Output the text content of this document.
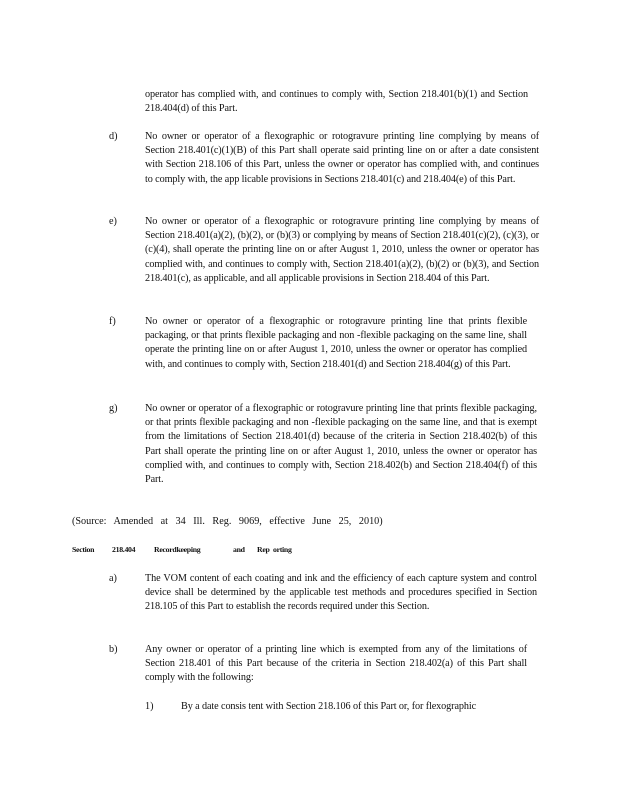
operator has complied with, and continues to comply with, Section 218.401(b)(1) and Section 218.404(d) of this Part.
d)	No owner or operator of a flexographic or rotogravure printing line complying by means of Section 218.401(c)(1)(B) of this Part shall operate said printing line on or after a date consistent with Section 218.106 of this Part, unless the owner or operator has complied with, and continues to comply with, the app licable provisions in Sections 218.401(c) and 218.404(e) of this Part.
e)	No owner or operator of a flexographic or rotogravure printing line complying by means of Section 218.401(a)(2), (b)(2), or (b)(3) or complying by means of Section 218.401(c)(2), (c)(3), or (c)(4), shall operate the printing line on or after August 1, 2010, unless the owner or operator has complied with, and continues to comply with, Section 218.401(a)(2), (b)(2) or (b)(3), and Section 218.401(c), as applicable, and all applicable provisions in Section 218.404 of this Part.
f)	No owner or operator of a flexographic or rotogravure printing line that prints flexible packaging, or that prints flexible packaging and non -flexible packaging on the same line, shall operate the printing line on or after August 1, 2010, unless the owner or operator has complied with, and continues to comply with, Section 218.401(d) and Section 218.404(g) of this Part.
g)	No owner or operator of a flexographic or rotogravure printing line that prints flexible packaging, or that prints flexible packaging and non -flexible packaging on the same line, and that is exempt from the limitations of Section 218.401(d) because of the criteria in Section 218.402(b) of this Part shall operate the printing line on or after August 1, 2010, unless the owner or operator has complied with, and continues to comply with, Section 218.402(b) and Section 218.404(f) of this Part.
(Source: Amended at 34 Ill. Reg. 9069, effective June 25, 2010)
Section 218.404 Recordkeeping	and Rep orting
a)	The VOM content of each coating and ink and the efficiency of each capture system and control device shall be determined by the applicable test methods and procedures specified in Section 218.105 of this Part to establish the records required under this Section.
b)	Any owner or operator of a printing line which is exempted from any of the limitations of Section 218.401 of this Part because of the criteria in Section 218.402(a) of this Part shall comply with the following:
1)	By a date consis tent with Section 218.106 of this Part or, for flexographic
